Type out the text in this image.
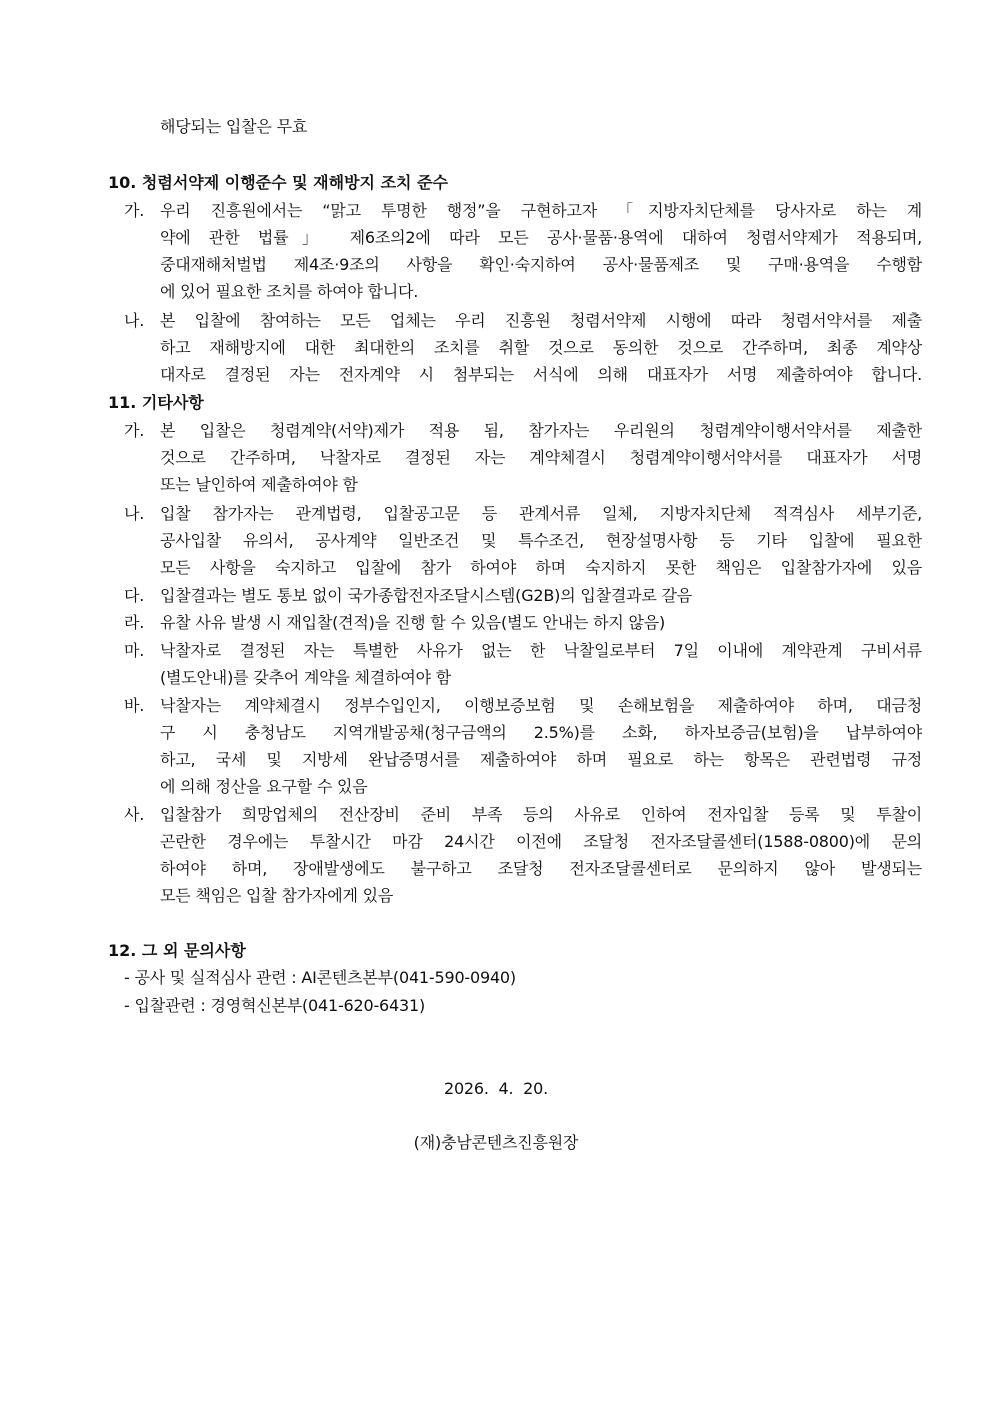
해당되는 입찰은 무효
10. 청렴서약제 이행준수 및 재해방지 조치 준수
가. 우리 진흥원에서는 “맑고 투명한 행정”을 구현하고자 「지방자치단체를 당사자로 하는 계
약에 관한 법률」 제6조의2에 따라 모든 공사·물품·용역에 대하여 청렴서약제가 적용되며,
중대재해처벌법 제4조·9조의 사항을 확인·숙지하여 공사·물품제조 및 구매·용역을 수행함
에 있어 필요한 조치를 하여야 합니다.
나. 본 입찰에 참여하는 모든 업체는 우리 진흥원 청렴서약제 시행에 따라 청렴서약서를 제출
하고 재해방지에 대한 최대한의 조치를 취할 것으로 동의한 것으로 간주하며, 최종 계약상
대자로 결정된 자는 전자계약 시 첨부되는 서식에 의해 대표자가 서명 제출하여야 합니다.
11. 기타사항
가. 본 입찰은 청렴계약(서약)제가 적용 됨, 참가자는 우리원의 청렴계약이행서약서를 제출한
것으로 간주하며, 낙찰자로 결정된 자는 계약체결시 청렴계약이행서약서를 대표자가 서명
또는 날인하여 제출하여야 함
나. 입찰 참가자는 관계법령, 입찰공고문 등 관계서류 일체, 지방자치단체 적격심사 세부기준,
공사입찰 유의서, 공사계약 일반조건 및 특수조건, 현장설명사항 등 기타 입찰에 필요한
모든 사항을 숙지하고 입찰에 참가 하여야 하며 숙지하지 못한 책임은 입찰참가자에 있음
다. 입찰결과는 별도 통보 없이 국가종합전자조달시스템(G2B)의 입찰결과로 갈음
라. 유찰 사유 발생 시 재입찰(견적)을 진행 할 수 있음(별도 안내는 하지 않음)
마. 낙찰자로 결정된 자는 특별한 사유가 없는 한 낙찰일로부터 7일 이내에 계약관계 구비서류
(별도안내)를 갖추어 계약을 체결하여야 함
바. 낙찰자는 계약체결시 정부수입인지, 이행보증보험 및 손해보험을 제출하여야 하며, 대금청
구 시 충청남도 지역개발공채(청구금액의 2.5%)를 소화, 하자보증금(보험)을 납부하여야
하고, 국세 및 지방세 완납증명서를 제출하여야 하며 필요로 하는 항목은 관련법령 규정
에 의해 정산을 요구할 수 있음
사. 입찰참가 희망업체의 전산장비 준비 부족 등의 사유로 인하여 전자입찰 등록 및 투찰이
곤란한 경우에는 투찰시간 마감 24시간 이전에 조달청 전자조달콜센터(1588-0800)에 문의
하여야 하며, 장애발생에도 불구하고 조달청 전자조달콜센터로 문의하지 않아 발생되는
모든 책임은 입찰 참가자에게 있음
12. 그 외 문의사항
- 공사 및 실적심사 관련 : AI콘텐츠본부(041-590-0940)
- 입찰관련 : 경영혁신본부(041-620-6431)
2026.  4.  20.
(재)충남콘텐츠진흥원장
